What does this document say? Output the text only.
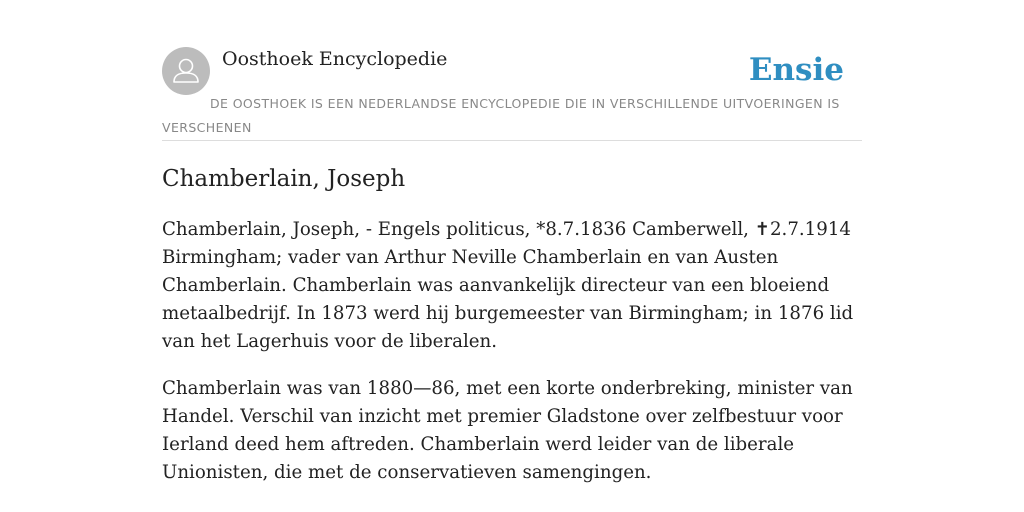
Oosthoek Encyclopedie	Ensie
DE OOSTHOEK IS EEN NEDERLANDSE ENCYCLOPEDIE DIE IN VERSCHILLENDE UITVOERINGEN IS VERSCHENEN
Chamberlain, Joseph

Chamberlain, Joseph, - Engels politicus, *8.7.1836 Camberwell, ✝2.7.1914 Birmingham; vader van Arthur Neville Chamberlain en van Austen Chamberlain. Chamberlain was aanvankelijk directeur van een bloeiend metaalbedrijf. In 1873 werd hij burgemeester van Birmingham; in 1876 lid van het Lagerhuis voor de liberalen.

Chamberlain was van 1880—86, met een korte onderbreking, minister van Handel. Verschil van inzicht met premier Gladstone over zelfbestuur voor Ierland deed hem aftreden. Chamberlain werd leider van de liberale Unionisten, die met de conservatieven samengingen.
